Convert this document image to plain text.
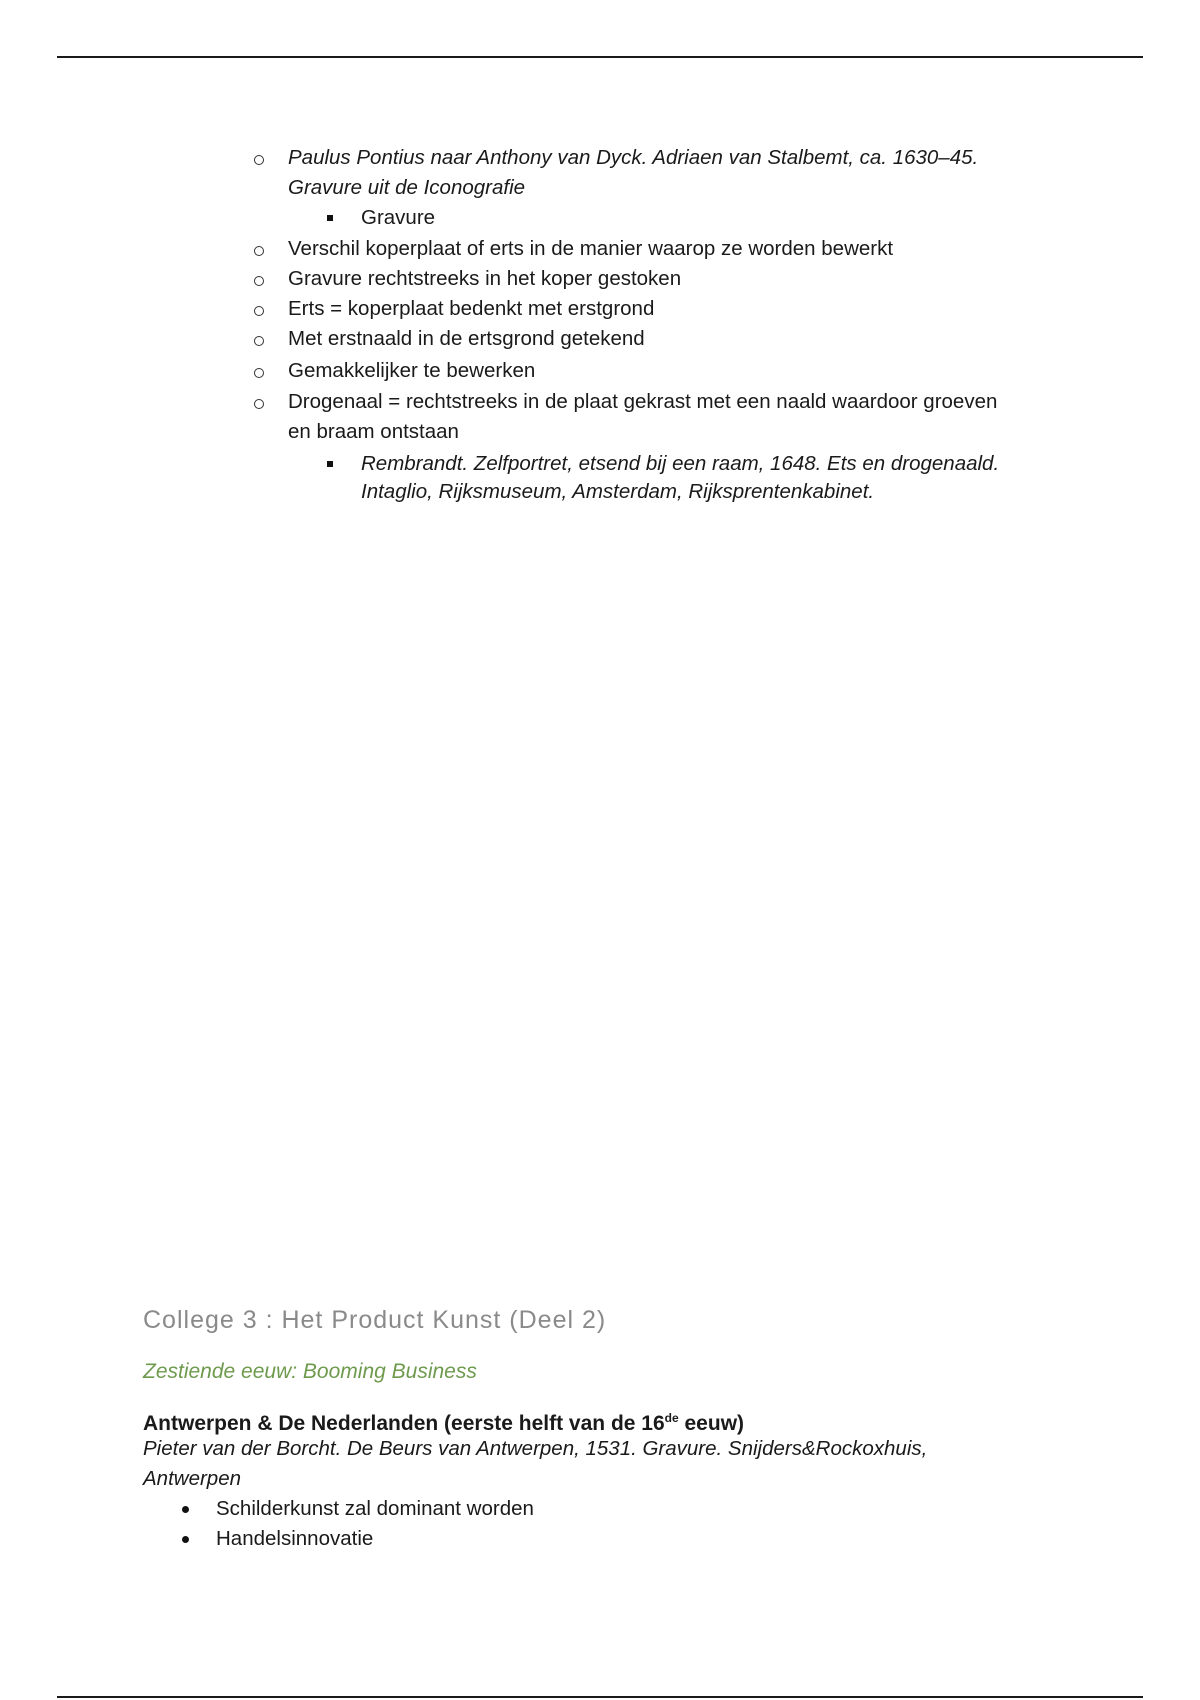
Paulus Pontius naar Anthony van Dyck. Adriaen van Stalbemt, ca. 1630–45.
Gravure uit de Iconografie
Gravure
Verschil koperplaat of erts in de manier waarop ze worden bewerkt
Gravure rechtstreeks in het koper gestoken
Erts = koperplaat bedenkt met erstgrond
Met erstnaald in de ertsgrond getekend
Gemakkelijker te bewerken
Drogenaal = rechtstreeks in de plaat gekrast met een naald waardoor groeven
en braam ontstaan
Rembrandt. Zelfportret, etsend bij een raam, 1648. Ets en drogenaald.
Intaglio, Rijksmuseum, Amsterdam, Rijksprentenkabinet.
College 3 : Het Product Kunst (Deel 2)
Zestiende eeuw: Booming Business
Antwerpen & De Nederlanden (eerste helft van de 16de eeuw)
Pieter van der Borcht. De Beurs van Antwerpen, 1531. Gravure. Snijders&Rockoxhuis,
Antwerpen
Schilderkunst zal dominant worden
Handelsinnovatie
